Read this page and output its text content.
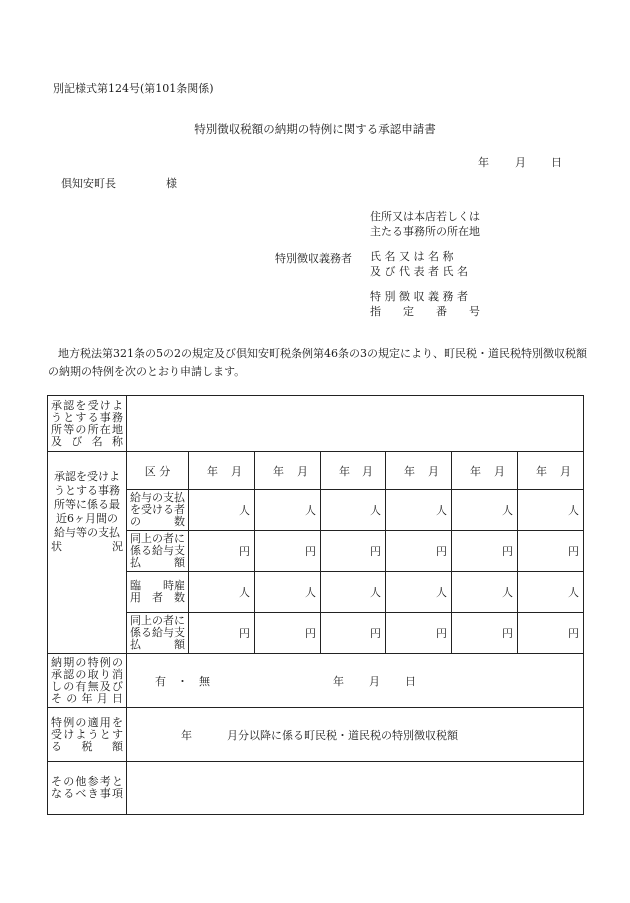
別記様式第124号(第101条関係)
特別徴収税額の納期の特例に関する承認申請書
年 月 日
倶知安町長	様
特別徴収義務者
住所又は本店若しくは
主たる事務所の所在地
氏 名 又 は 名 称
及 び 代 表 者 氏 名
特 別 徴 収 義 務 者
指　　定　　番　　号
地方税法第321条の5の2の規定及び倶知安町税条例第46条の3の規定により、町民税・道民税特別徴収税額の納期の特例を次のとおり申請します。
承認を受けようとする事務所等の所在地及び名称							
承認を受けようとする事務所等に係る最近6ヶ月間の給与等の支払状況	区 分	年 月	年 月	年 月	年 月	年 月	年 月

	給与の支払を受ける者の数	人	人	人	人	人	人
	同上の者に係る給与支払額	円	円	円	円	円	円
	臨　　時雇用者数	人	人	人	人	人	人
	同上の者に係る給与支払額	円	円	円	円	円	円
納期の特例の承認の取り消しの有無及びその年月日	有　・　無 年 月 日						

特例の適用を受けようとする税額	年 月分以降に係る町民税・道民税の特別徴収税額						

その他参考となるべき事項							
